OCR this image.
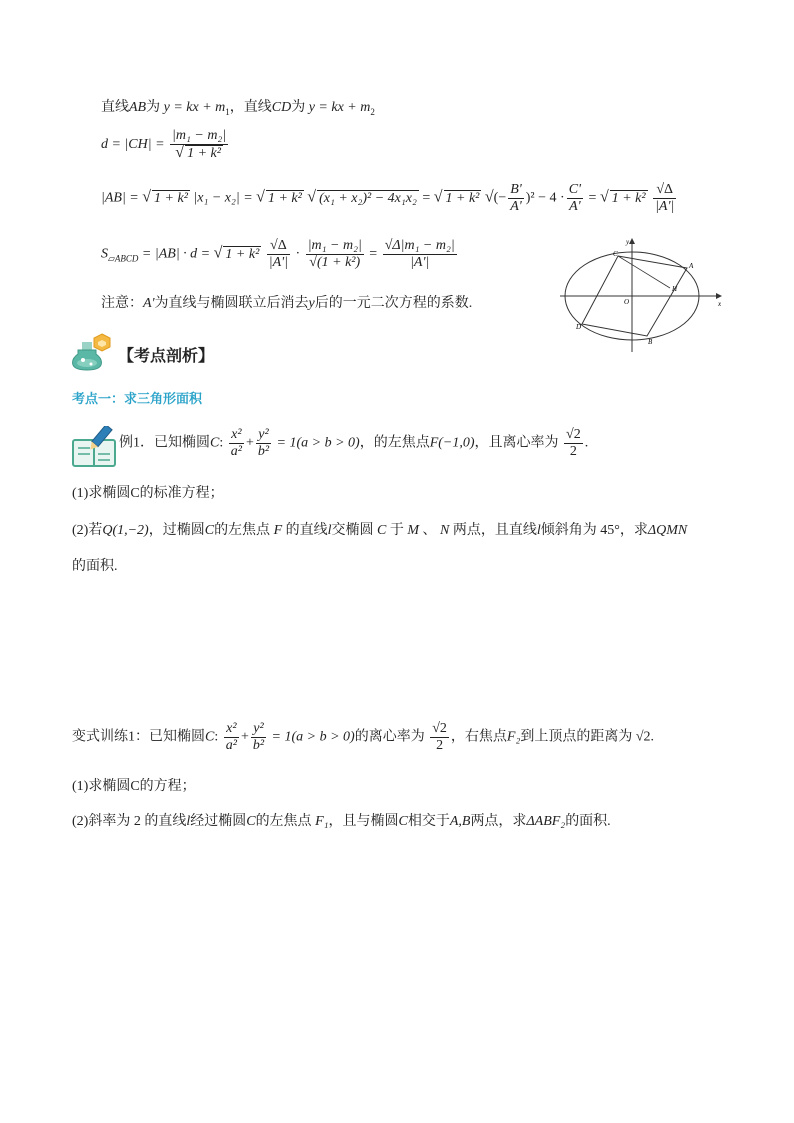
直线AB为 y = kx + $m_1$，直线CD为 y = kx + $m_2$
$d = |CH| = \frac{\text{|m₁ − m₂|}}{\text{√ 1 + k²}}$
|AB| = √ 1 + k² |x₁ − x₂| = √ 1 + k² √ (x₁ + x₂)² − 4x₁x₂ = √ 1 + k² √(− $\frac{B'}{A'} )^2 - 4 \cdot \frac{C'}{A'}$ = √ $1 + k^2 \frac{√\Delta}{|A'|}$
$S_{▱ABCD} = |AB| \cdot d$ = √ $1 + k^2 \frac{√\Delta}{|A'|} \cdot \frac{\text{|m₁ − m₂|}}{\text{√(1 + k²)}} = \frac{\text{√Δ|m₁ − m₂|}}{|A'|}$
注意：A'为直线与椭圆联立后消去y后的一元二次方程的系数.
y
x
O
A
B
C
D
H
【考点剖析】
考点一：求三角形面积
例1．已知椭圆C: $\frac{\text{x²}}{\text{a²}} + \frac{\text{y²}}{\text{b²}} = 1(a > b > 0)$，的左焦点F(−1,0)，且离心率为 $\frac{√2}{2}$ .
(1)求椭圆C的标准方程；
(2)若Q(1,−2)，过椭圆C的左焦点 F 的直线l交椭圆 C 于 M 、 N 两点，且直线l倾斜角为 45°，求ΔQMN
的面积.
变式训练1：已知椭圆C: $\frac{\text{x²}}{\text{a²}} + \frac{\text{y²}}{\text{b²}} = 1(a > b > 0)$的离心率为 $\frac{√2}{2}$ ，右焦点F₂到上顶点的距离为 √2.
(1)求椭圆C的方程；
(2)斜率为 2 的直线l经过椭圆C的左焦点 F₁，且与椭圆C相交于A,B两点，求ΔABF₂的面积.
